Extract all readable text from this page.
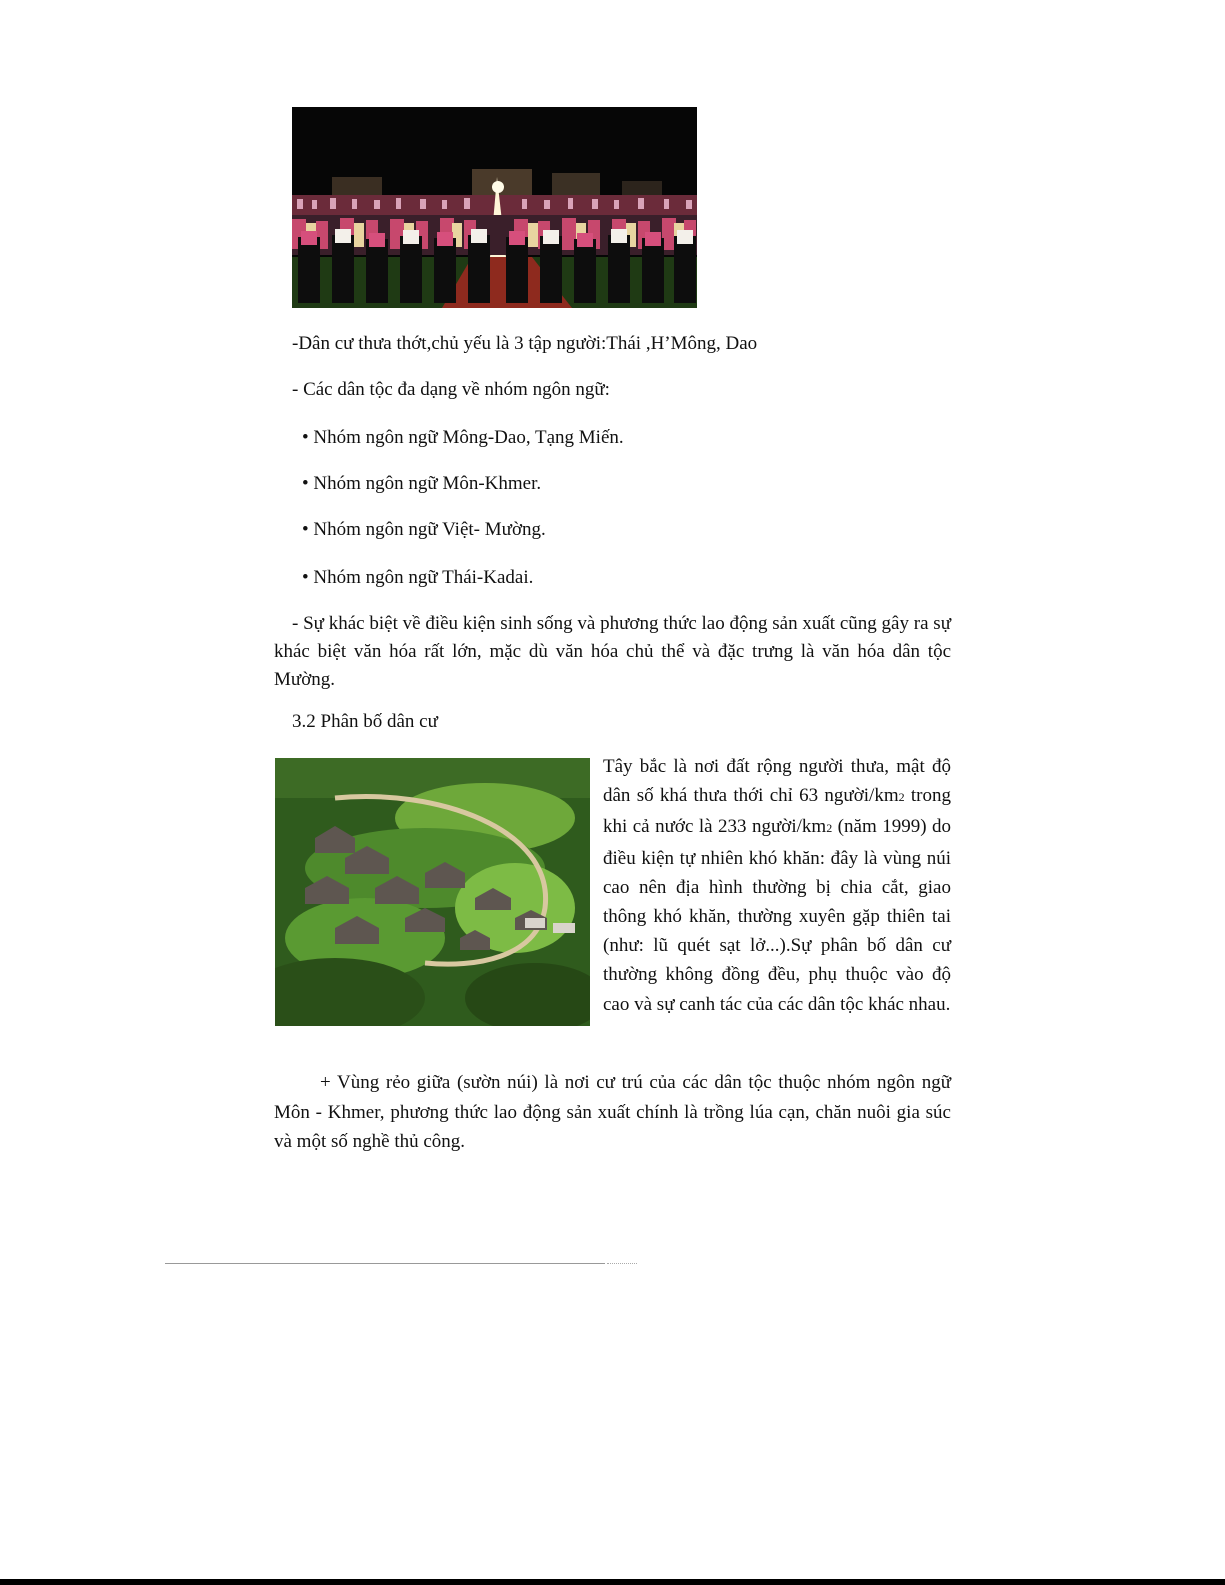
-Dân cư thưa thớt,chủ yếu là 3 tập người:Thái ,H’Mông, Dao
- Các dân tộc đa dạng về nhóm ngôn ngữ:
• Nhóm ngôn ngữ Mông-Dao, Tạng Miến.
• Nhóm ngôn ngữ Môn-Khmer.
• Nhóm ngôn ngữ Việt- Mường.
• Nhóm ngôn ngữ Thái-Kadai.
- Sự khác biệt về điều kiện sinh sống và phương thức lao động sản xuất cũng gây ra sự khác biệt văn hóa rất lớn, mặc dù văn hóa chủ thể và đặc trưng là văn hóa dân tộc Mường.
3.2 Phân bố dân cư
Tây bắc là nơi đất rộng người thưa, mật độ dân số khá thưa thới chỉ 63 người/km2 trong khi cả nước là 233 người/km2 (năm 1999) do điều kiện tự nhiên khó khăn: đây là vùng núi cao nên địa hình thường bị chia cắt, giao thông khó khăn, thường xuyên gặp thiên tai (như: lũ quét sạt lở...).Sự phân bố dân cư thường không đồng đều, phụ thuộc vào độ cao và sự canh tác của các dân tộc khác nhau.
+ Vùng rẻo giữa (sườn núi) là nơi cư trú của các dân tộc thuộc nhóm ngôn ngữ Môn - Khmer, phương thức lao động sản xuất chính là trồng lúa cạn, chăn nuôi gia súc và một số nghề thủ công.
